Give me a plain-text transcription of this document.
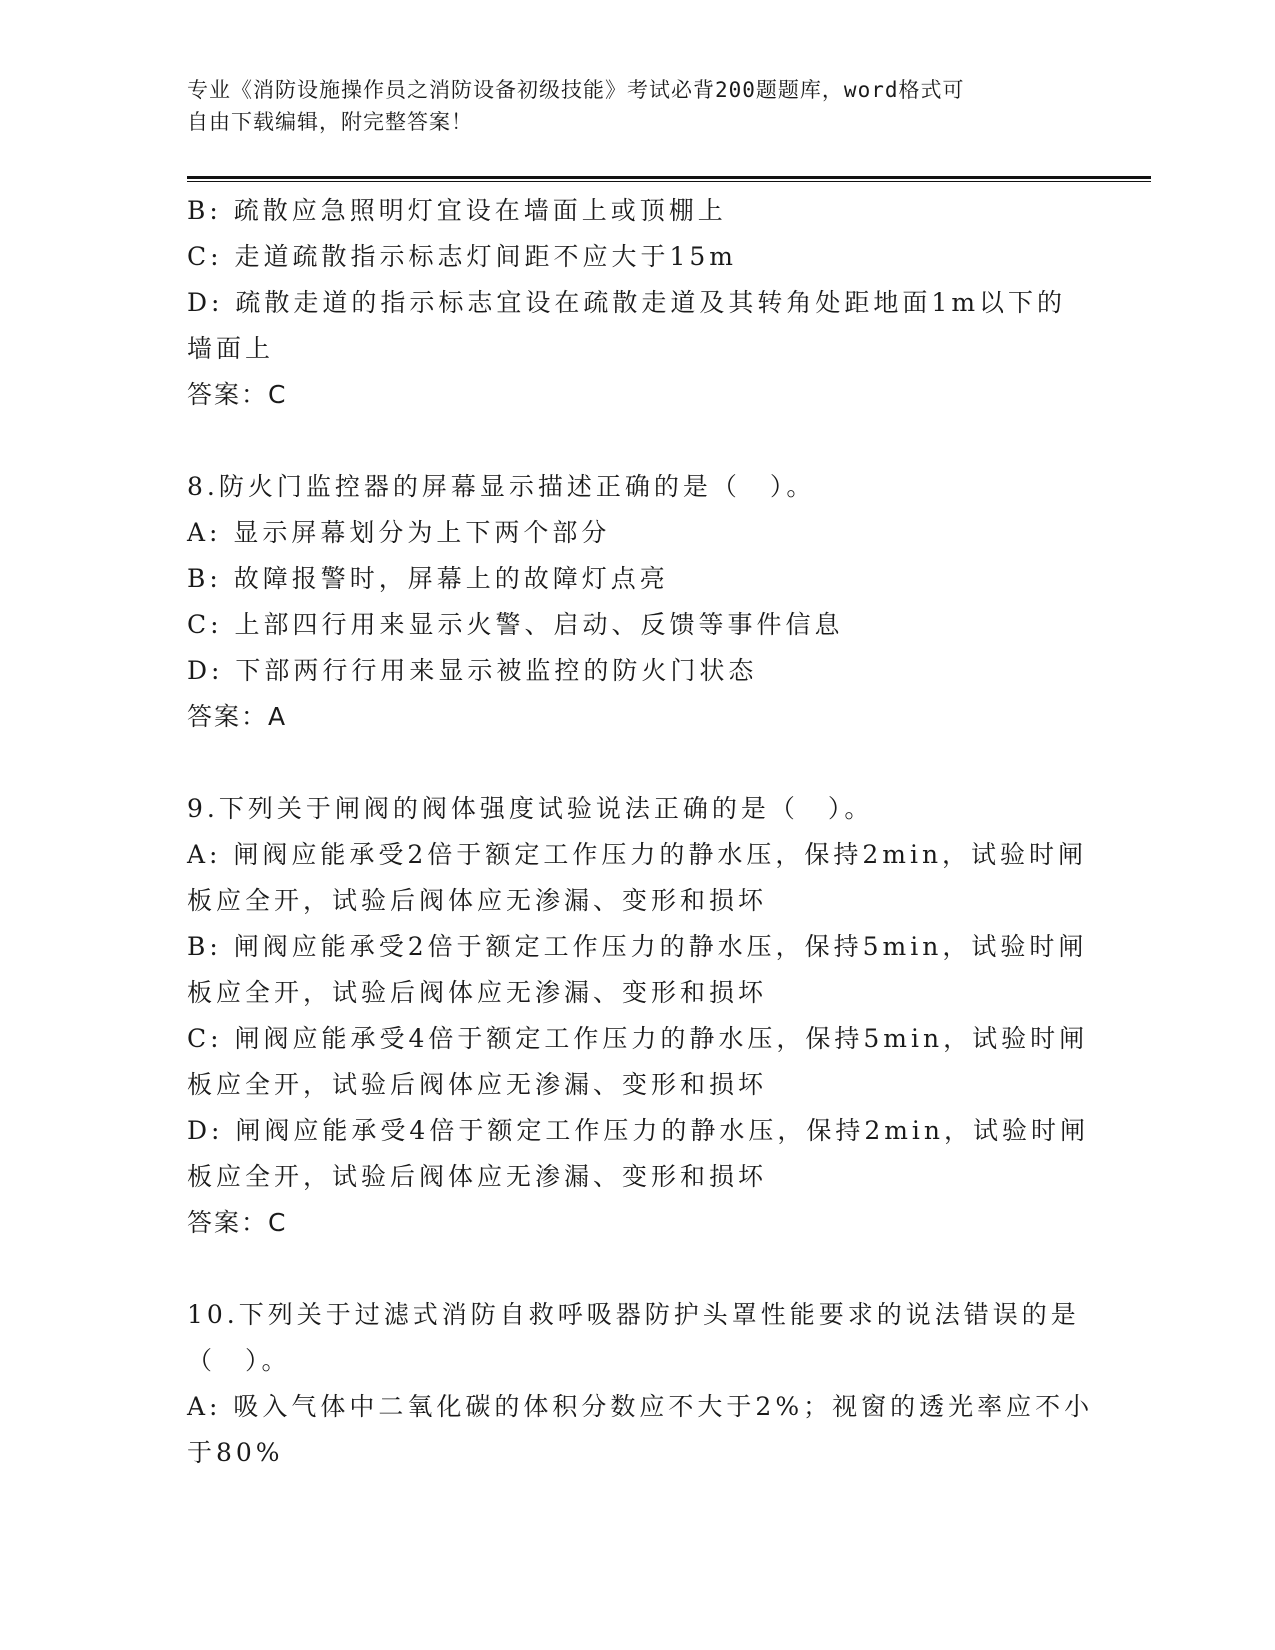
专业《消防设施操作员之消防设备初级技能》考试必背200题题库，word格式可
自由下载编辑，附完整答案！
B: 疏散应急照明灯宜设在墙面上或顶棚上
C: 走道疏散指示标志灯间距不应大于15m
D: 疏散走道的指示标志宜设在疏散走道及其转角处距地面1m以下的
墙面上
答案：C
8.防火门监控器的屏幕显示描述正确的是（　）。
A: 显示屏幕划分为上下两个部分
B: 故障报警时，屏幕上的故障灯点亮
C: 上部四行用来显示火警、启动、反馈等事件信息
D: 下部两行行用来显示被监控的防火门状态
答案：A
9.下列关于闸阀的阀体强度试验说法正确的是（　）。
A: 闸阀应能承受2倍于额定工作压力的静水压，保持2min，试验时闸
板应全开，试验后阀体应无渗漏、变形和损坏
B: 闸阀应能承受2倍于额定工作压力的静水压，保持5min，试验时闸
板应全开，试验后阀体应无渗漏、变形和损坏
C: 闸阀应能承受4倍于额定工作压力的静水压，保持5min，试验时闸
板应全开，试验后阀体应无渗漏、变形和损坏
D: 闸阀应能承受4倍于额定工作压力的静水压，保持2min，试验时闸
板应全开，试验后阀体应无渗漏、变形和损坏
答案：C
10.下列关于过滤式消防自救呼吸器防护头罩性能要求的说法错误的是
（　）。
A: 吸入气体中二氧化碳的体积分数应不大于2%；视窗的透光率应不小
于80%
